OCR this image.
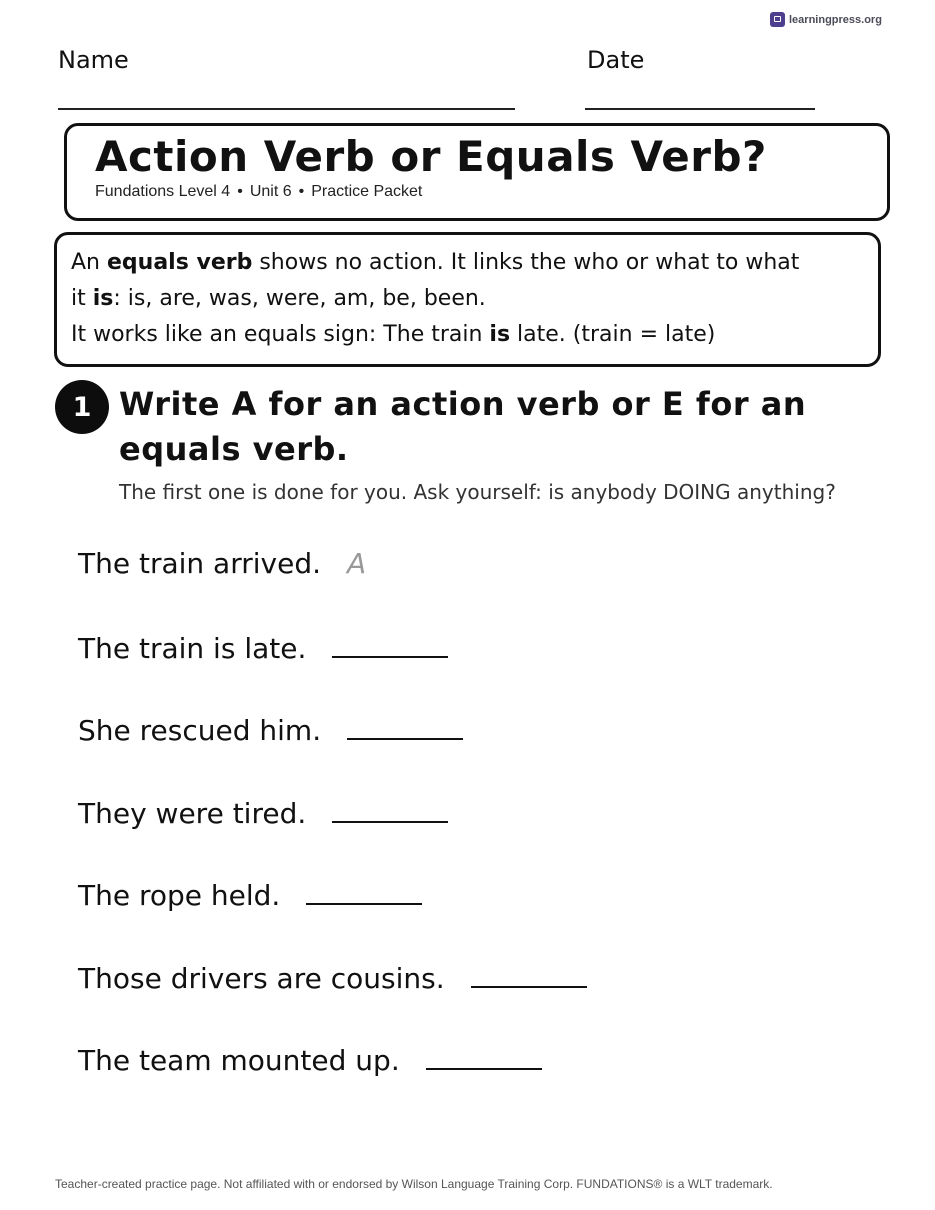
learningpress.org
Name	Date
Action Verb or Equals Verb?
Fundations Level 4 • Unit 6 • Practice Packet

An equals verb shows no action. It links the who or what to what

it is: is, are, was, were, am, be, been.

It works like an equals sign: The train is late. (train = late)

1 Write A for an action verb or E for an equals verb.
The first one is done for you. Ask yourself: is anybody DOING anything?
The train arrived. A
The train is late.
She rescued him.
They were tired.
The rope held.
Those drivers are cousins.
The team mounted up.
Teacher-created practice page. Not affiliated with or endorsed by Wilson Language Training Corp. FUNDATIONS® is a WLT trademark.
